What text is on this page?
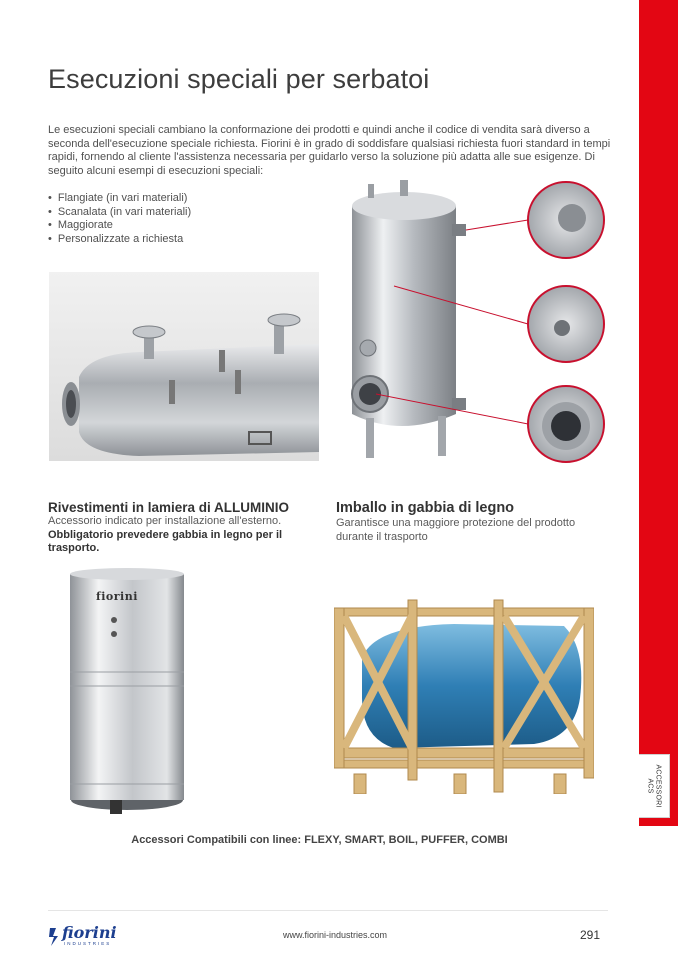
ACCESSORI
ACS
Esecuzioni speciali per serbatoi
Le esecuzioni speciali cambiano la conformazione dei prodotti e quindi anche il codice di vendita sarà diverso a seconda dell'esecuzione speciale richiesta. Fiorini è in grado di soddisfare qualsiasi richiesta fuori standard in tempi rapidi, fornendo al cliente l'assistenza necessaria per guidarlo verso la soluzione più adatta alle sue esigenze. Di seguito alcuni esempi di esecuzioni speciali:
• Flangiate (in vari materiali)
• Scanalata (in vari materiali)
• Maggiorate
• Personalizzate a richiesta
Rivestimenti in lamiera di ALLUMINIO
Accessorio indicato per installazione all'esterno.
Obbligatorio prevedere gabbia in legno per il
trasporto.
fiorini
Imballo in gabbia di legno
Garantisce una maggiore protezione del prodotto
durante il trasporto
Accessori Compatibili con linee: FLEXY, SMART, BOIL, PUFFER, COMBI
fiorini
INDUSTRIES
www.fiorini-industries.com	291
